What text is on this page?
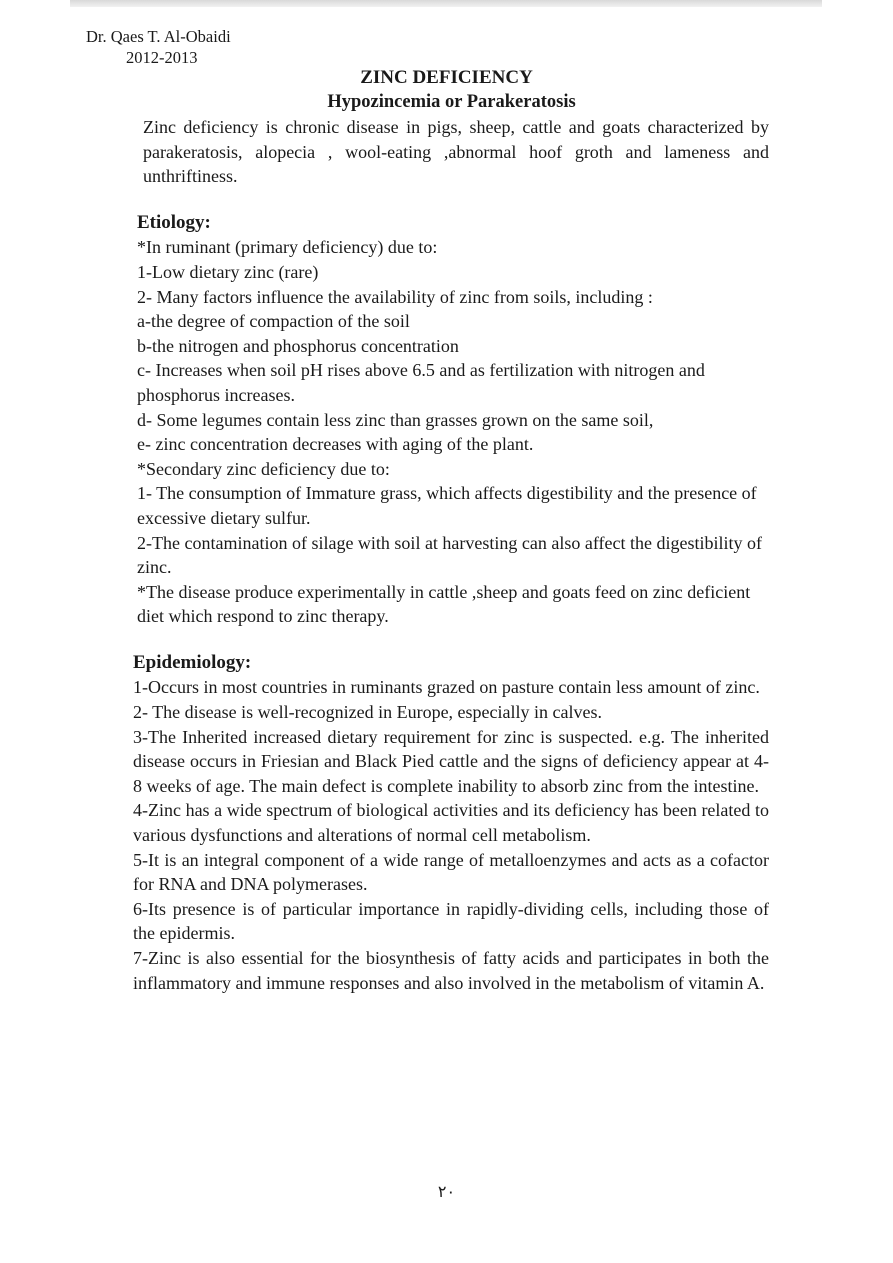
Dr. Qaes T. Al-Obaidi
2012-2013
ZINC DEFICIENCY
Hypozincemia or Parakeratosis

Zinc deficiency is chronic disease in pigs, sheep, cattle and goats characterized by parakeratosis, alopecia , wool-eating ,abnormal hoof groth and lameness and unthriftiness.

Etiology:

*In ruminant (primary deficiency) due to:

1-Low dietary zinc (rare)

2- Many factors influence the availability of zinc from soils, including :

a-the degree of compaction of the soil

b-the nitrogen and phosphorus concentration

c- Increases when soil pH rises above 6.5 and as fertilization with nitrogen and phosphorus increases.

d- Some legumes contain less zinc than grasses grown on the same soil,

e- zinc concentration decreases with aging of the plant.

*Secondary zinc deficiency due to:

1- The consumption of Immature grass, which affects digestibility and the presence of excessive dietary sulfur.

2-The contamination of silage with soil at harvesting can also affect the digestibility of zinc.

*The disease produce experimentally in cattle ,sheep and goats feed on zinc deficient diet which respond to zinc therapy.

Epidemiology:

1-Occurs in most countries in ruminants grazed on pasture contain less amount of zinc.

2- The disease is well-recognized in Europe, especially in calves.

3-The Inherited increased dietary requirement for zinc is suspected. e.g. The inherited disease occurs in Friesian and Black Pied cattle and the signs of deficiency appear at 4-8 weeks of age. The main defect is complete inability to absorb zinc from the intestine.

4-Zinc has a wide spectrum of biological activities and its deficiency has been related to various dysfunctions and alterations of normal cell metabolism.

5-It is an integral component of a wide range of metalloenzymes and acts as a cofactor for RNA and DNA polymerases.

6-Its presence is of particular importance in rapidly-dividing cells, including those of the epidermis.

7-Zinc is also essential for the biosynthesis of fatty acids and participates in both the inflammatory and immune responses and also involved in the metabolism of vitamin A.

٢٠
